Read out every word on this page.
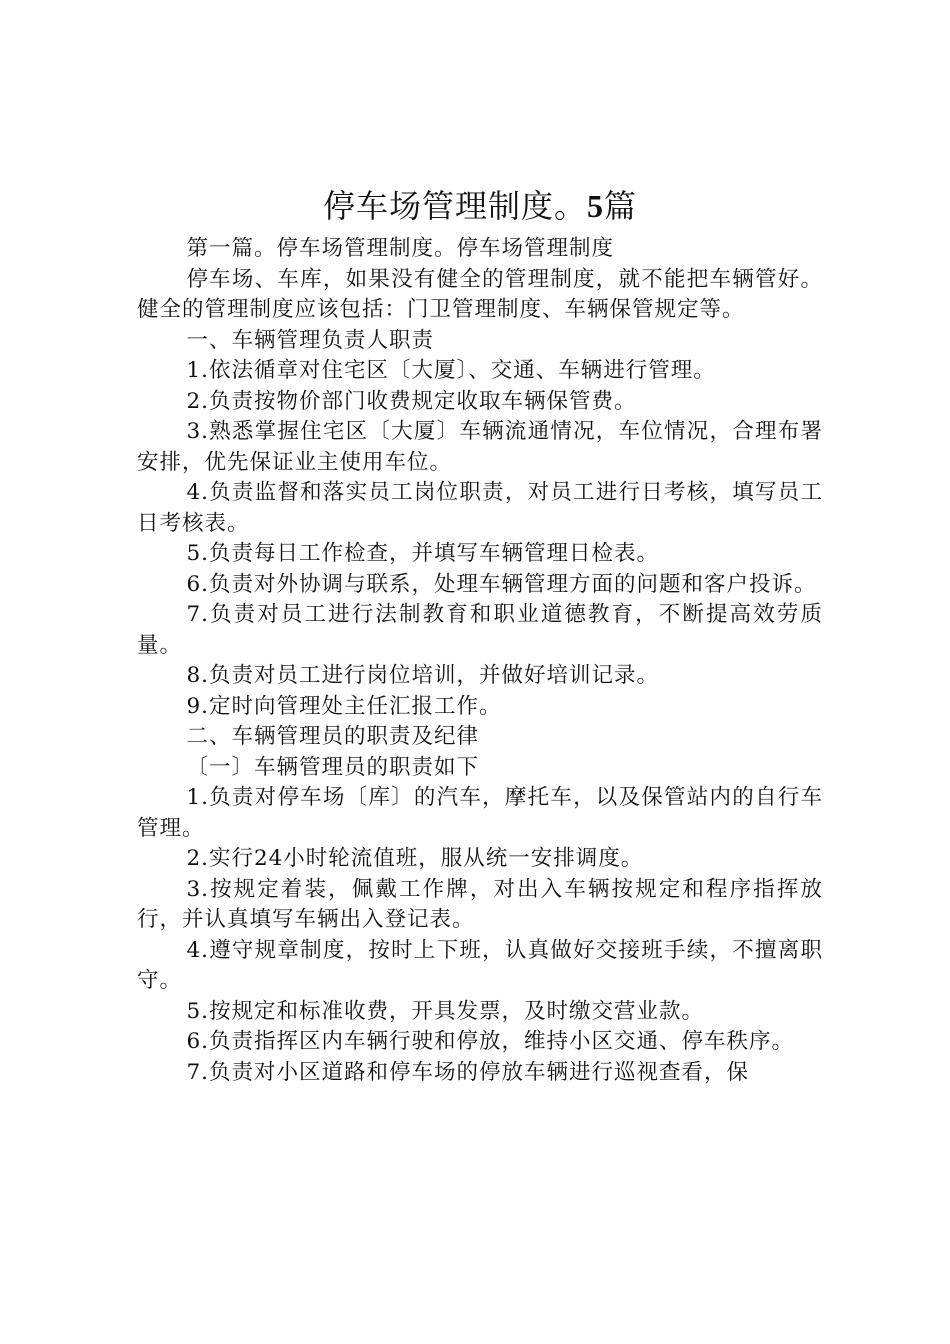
停车场管理制度。5篇

第一篇。停车场管理制度。停车场管理制度

停车场、车库，如果没有健全的管理制度，就不能把车辆管好。健全的管理制度应该包括：门卫管理制度、车辆保管规定等。

一、车辆管理负责人职责

1.依法循章对住宅区〔大厦〕、交通、车辆进行管理。

2.负责按物价部门收费规定收取车辆保管费。

3.熟悉掌握住宅区〔大厦〕车辆流通情况，车位情况，合理布署安排，优先保证业主使用车位。

4.负责监督和落实员工岗位职责，对员工进行日考核，填写员工日考核表。

5.负责每日工作检查，并填写车辆管理日检表。

6.负责对外协调与联系，处理车辆管理方面的问题和客户投诉。

7.负责对员工进行法制教育和职业道德教育，不断提高效劳质量。

8.负责对员工进行岗位培训，并做好培训记录。

9.定时向管理处主任汇报工作。

二、车辆管理员的职责及纪律

〔一〕车辆管理员的职责如下

1.负责对停车场〔库〕的汽车，摩托车，以及保管站内的自行车管理。

2.实行24小时轮流值班，服从统一安排调度。

3.按规定着装，佩戴工作牌，对出入车辆按规定和程序指挥放行，并认真填写车辆出入登记表。

4.遵守规章制度，按时上下班，认真做好交接班手续，不擅离职守。

5.按规定和标准收费，开具发票，及时缴交营业款。

6.负责指挥区内车辆行驶和停放，维持小区交通、停车秩序。

7.负责对小区道路和停车场的停放车辆进行巡视查看，保
